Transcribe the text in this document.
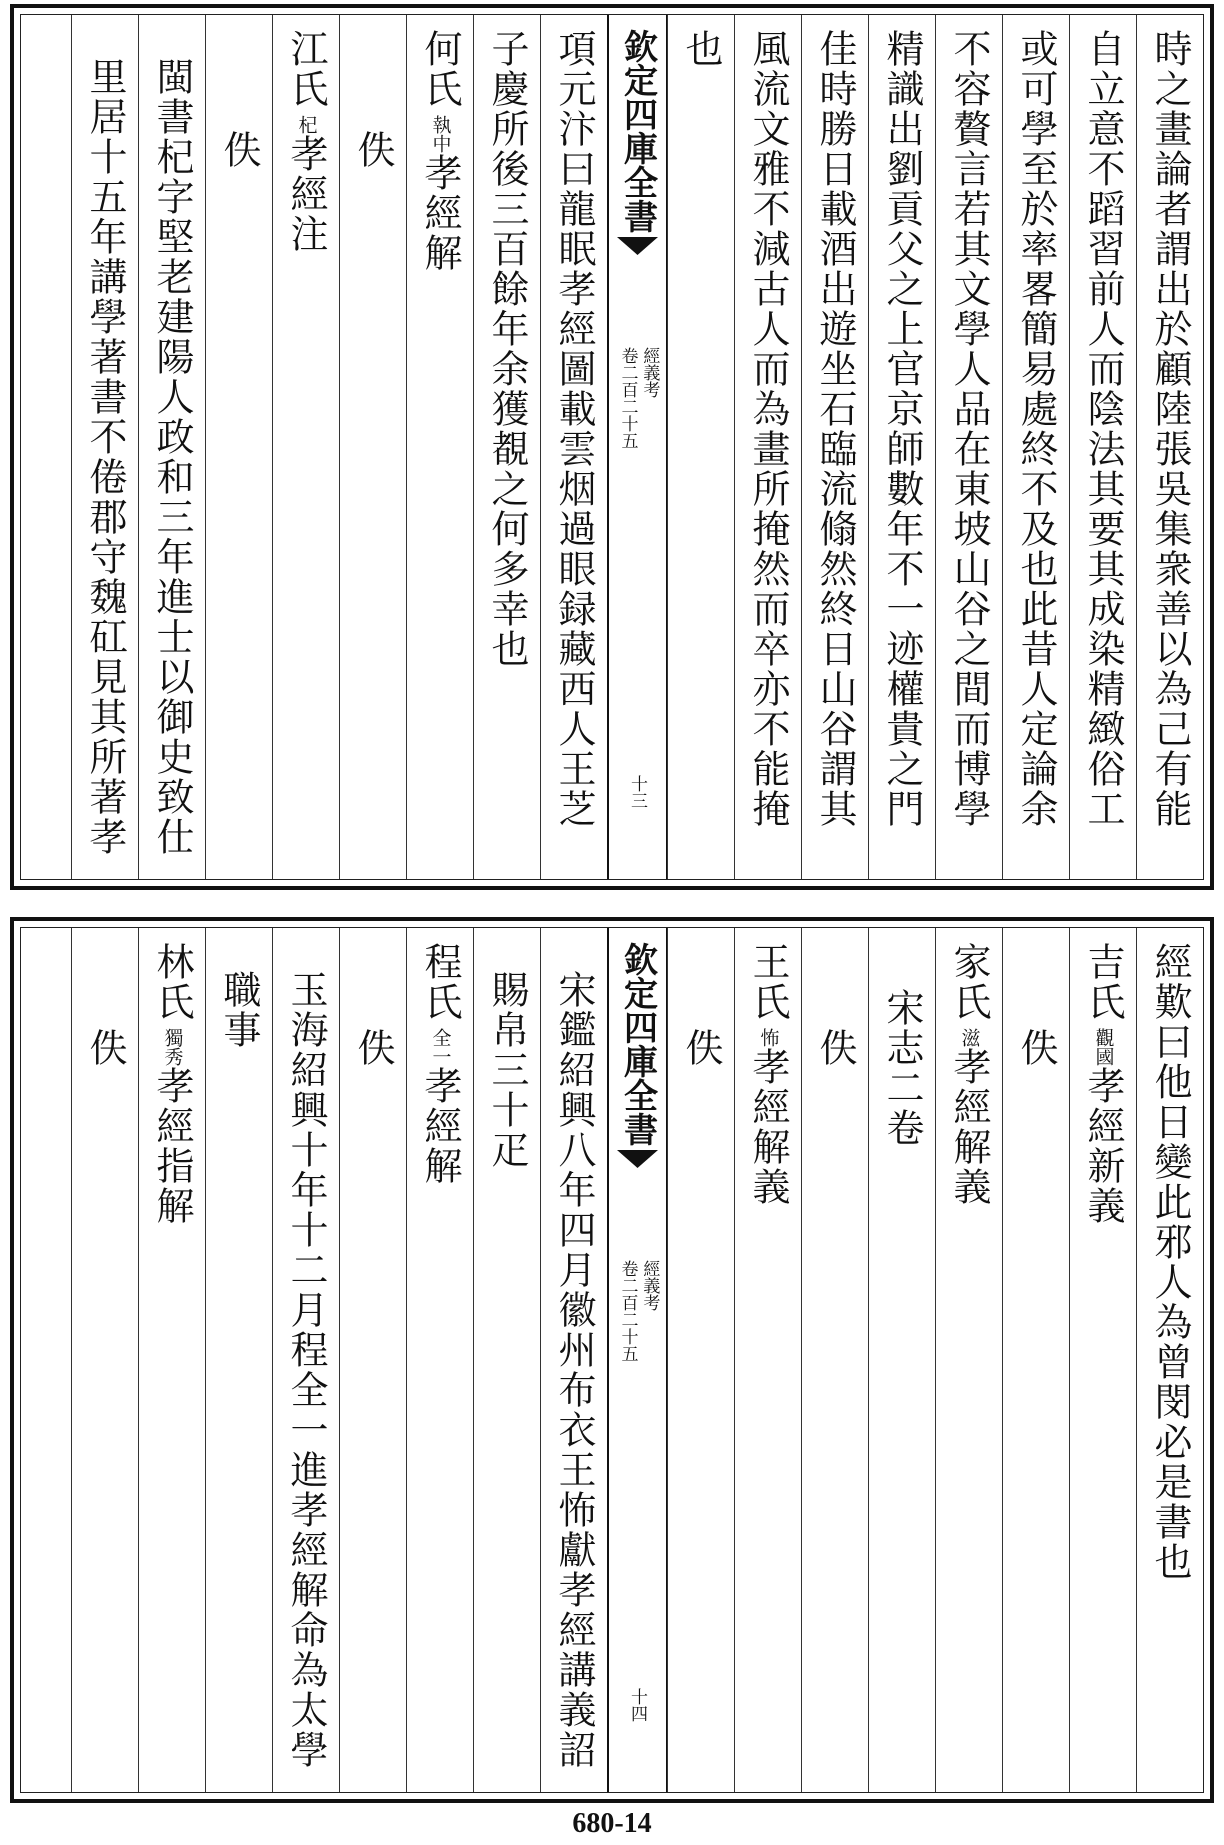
時之畫論者謂出於顧陸張吳集衆善以為己有能
自立意不蹈習前人而陰法其要其成染精緻俗工
或可學至於率畧簡易處終不及也此昔人定論余
不容贅言若其文學人品在東坡山谷之間而博學
精識出劉貢父之上官京師數年不一迹權貴之門
佳時勝日載酒出遊坐石臨流翛然終日山谷謂其
風流文雅不減古人而為畫所掩然而卒亦不能掩
也
欽定四庫全書
經義考
卷二百二十五
十三
項元汴曰龍眠孝經圖載雲烟過眼録藏西人王芝
子慶所後三百餘年余獲覩之何多幸也
何氏
執中
孝經解
佚
江氏
杞
孝經注
佚
閩書杞字堅老建陽人政和三年進士以御史致仕
里居十五年講學著書不倦郡守魏矼見其所著孝
經歎曰他日變此邪人為曾閔必是書也
吉氏
觀國
孝經新義
佚
家氏
滋
孝經解義
宋志二卷
佚
王氏
怖
孝經解義
佚
欽定四庫全書
經義考
卷二百二十五
十四
宋鑑紹興八年四月徽州布衣王怖獻孝經講義詔
賜帛三十疋
程氏
全一
孝經解
佚
玉海紹興十年十二月程全一進孝經解命為太學
職事
林氏
獨秀
孝經指解
佚
680-14
